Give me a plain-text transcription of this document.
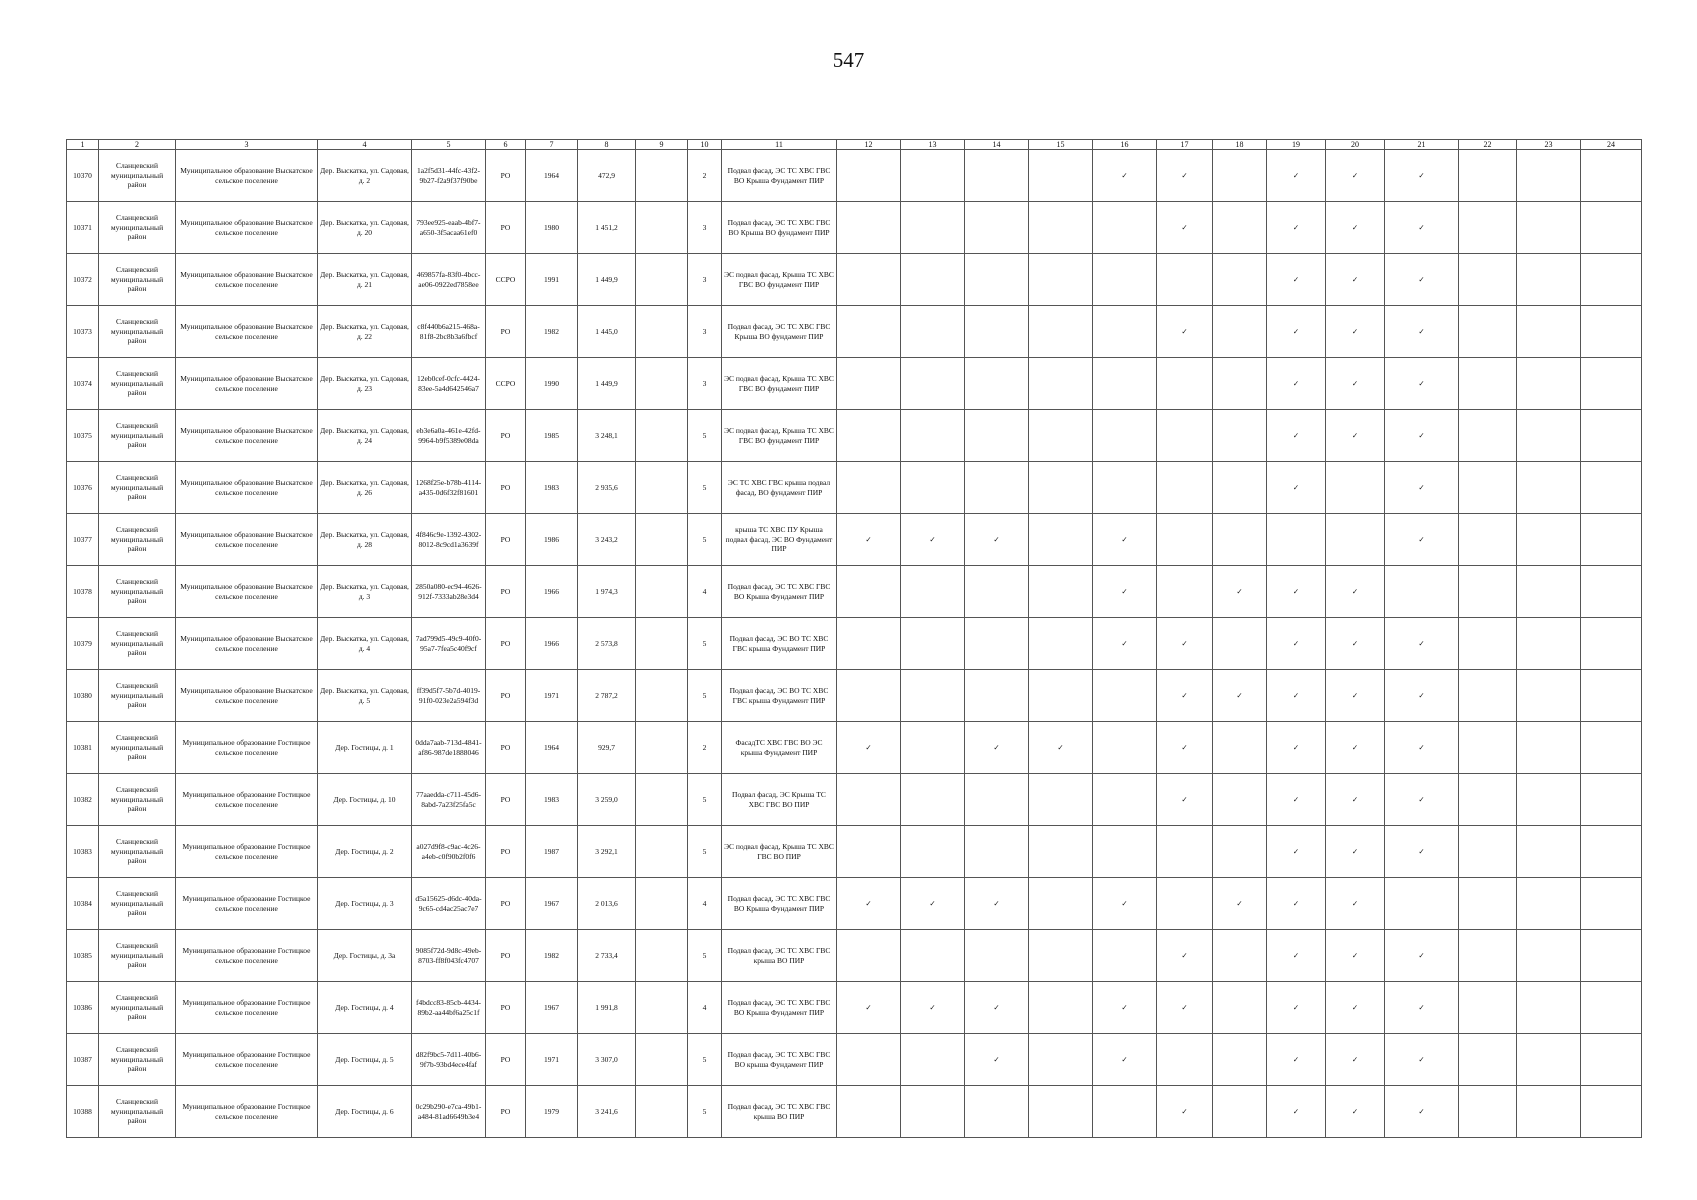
547
1	2	3	4	5	6	7	8	9	10	11	12	13	14	15	16	17	18	19	20	21	22	23	24
10370	Сланцевский муниципальный район	Муниципальное образование Выскатское сельское поселение	Дер. Выскатка, ул. Садовая, д. 2	1a2f5d31-44fc-43f2-9b27-f2a9f37f90be	РО	1964	472,9		2	Подвал фасад, ЭС ТС ХВС ГВС ВО Крыша Фундамент ПИР					✓	✓		✓	✓	✓			
10371	Сланцевский муниципальный район	Муниципальное образование Выскатское сельское поселение	Дер. Выскатка, ул. Садовая, д. 20	793ee925-eaab-4bf7-a650-3f5acaa61ef0	РО	1980	1 451,2		3	Подвал фасад, ЭС ТС ХВС ГВС ВО Крыша ВО фундамент ПИР						✓		✓	✓	✓			
10372	Сланцевский муниципальный район	Муниципальное образование Выскатское сельское поселение	Дер. Выскатка, ул. Садовая, д. 21	469857fa-83f0-4bcc-ae06-0922ed7858ee	ССРО	1991	1 449,9		3	ЭС подвал фасад, Крыша ТС ХВС ГВС ВО фундамент ПИР								✓	✓	✓			
10373	Сланцевский муниципальный район	Муниципальное образование Выскатское сельское поселение	Дер. Выскатка, ул. Садовая, д. 22	c8f440b6a215-468a-81f8-2bc8b3a6fbcf	РО	1982	1 445,0		3	Подвал фасад, ЭС ТС ХВС ГВС Крыша ВО фундамент ПИР						✓		✓	✓	✓			
10374	Сланцевский муниципальный район	Муниципальное образование Выскатское сельское поселение	Дер. Выскатка, ул. Садовая, д. 23	12eb0cef-0cfc-4424-83ee-5a4d642546a7	ССРО	1990	1 449,9		3	ЭС подвал фасад, Крыша ТС ХВС ГВС ВО фундамент ПИР								✓	✓	✓			
10375	Сланцевский муниципальный район	Муниципальное образование Выскатское сельское поселение	Дер. Выскатка, ул. Садовая, д. 24	eb3e6a0a-461e-42fd-9964-b9f5389e08da	РО	1985	3 248,1		5	ЭС подвал фасад, Крыша ТС ХВС ГВС ВО фундамент ПИР								✓	✓	✓			
10376	Сланцевский муниципальный район	Муниципальное образование Выскатское сельское поселение	Дер. Выскатка, ул. Садовая, д. 26	1268f25e-b78b-4114-a435-0d6f32f81601	РО	1983	2 935,6		5	ЭС ТС ХВС ГВС крыша подвал фасад, ВО фундамент ПИР								✓		✓			
10377	Сланцевский муниципальный район	Муниципальное образование Выскатское сельское поселение	Дер. Выскатка, ул. Садовая, д. 28	4f846c9e-1392-4302-8012-8c9cd1a3639f	РО	1986	3 243,2		5	крыша ТС ХВС ПУ Крыша подвал фасад, ЭС ВО Фундамент ПИР	✓	✓	✓		✓					✓			
10378	Сланцевский муниципальный район	Муниципальное образование Выскатское сельское поселение	Дер. Выскатка, ул. Садовая, д. 3	2850a080-ec94-4626-912f-7333ab28e3d4	РО	1966	1 974,3		4	Подвал фасад, ЭС ТС ХВС ГВС ВО Крыша Фундамент ПИР					✓		✓	✓	✓				
10379	Сланцевский муниципальный район	Муниципальное образование Выскатское сельское поселение	Дер. Выскатка, ул. Садовая, д. 4	7ad799d5-49c9-40f0-95a7-7fea5c40f9cf	РО	1966	2 573,8		5	Подвал фасад, ЭС ВО ТС ХВС ГВС крыша Фундамент ПИР					✓	✓		✓	✓	✓			
10380	Сланцевский муниципальный район	Муниципальное образование Выскатское сельское поселение	Дер. Выскатка, ул. Садовая, д. 5	ff39d5f7-5b7d-4019-91f0-023e2a594f3d	РО	1971	2 787,2		5	Подвал фасад, ЭС ВО ТС ХВС ГВС крыша Фундамент ПИР						✓	✓	✓	✓	✓			
10381	Сланцевский муниципальный район	Муниципальное образование Гостицкое сельское поселение	Дер. Гостицы, д. 1	0dda7aab-713d-4841-af86-987de1888046	РО	1964	929,7		2	ФасадТС ХВС ГВС ВО ЭС крыша Фундамент ПИР	✓		✓	✓		✓		✓	✓	✓			
10382	Сланцевский муниципальный район	Муниципальное образование Гостицкое сельское поселение	Дер. Гостицы, д. 10	77aaedda-c711-45d6-8abd-7a23f25fa5c	РО	1983	3 259,0		5	Подвал фасад, ЭС Крыша ТС ХВС ГВС ВО ПИР						✓		✓	✓	✓			
10383	Сланцевский муниципальный район	Муниципальное образование Гостицкое сельское поселение	Дер. Гостицы, д. 2	a027d9f8-c9ac-4c26-a4eb-c0f90b2f0f6	РО	1987	3 292,1		5	ЭС подвал фасад, Крыша ТС ХВС ГВС ВО ПИР								✓	✓	✓			
10384	Сланцевский муниципальный район	Муниципальное образование Гостицкое сельское поселение	Дер. Гостицы, д. 3	d5a15625-d6dc-40da-9c65-cd4ac25ac7e7	РО	1967	2 013,6		4	Подвал фасад, ЭС ТС ХВС ГВС ВО Крыша Фундамент ПИР	✓	✓	✓		✓		✓	✓	✓				
10385	Сланцевский муниципальный район	Муниципальное образование Гостицкое сельское поселение	Дер. Гостицы, д. 3а	9085f72d-9d8c-49eb-8703-ff8f043fc4707	РО	1982	2 733,4		5	Подвал фасад, ЭС ТС ХВС ГВС крыша ВО ПИР						✓		✓	✓	✓			
10386	Сланцевский муниципальный район	Муниципальное образование Гостицкое сельское поселение	Дер. Гостицы, д. 4	f4bdcc83-85cb-4434-89b2-aa44bf6a25c1f	РО	1967	1 991,8		4	Подвал фасад, ЭС ТС ХВС ГВС ВО Крыша Фундамент ПИР	✓	✓	✓		✓	✓		✓	✓	✓			
10387	Сланцевский муниципальный район	Муниципальное образование Гостицкое сельское поселение	Дер. Гостицы, д. 5	d82f9bc5-7d11-40b6-9f7b-93bd4ece4faf	РО	1971	3 307,0		5	Подвал фасад, ЭС ТС ХВС ГВС ВО крыша Фундамент ПИР			✓		✓			✓	✓	✓			
10388	Сланцевский муниципальный район	Муниципальное образование Гостицкое сельское поселение	Дер. Гостицы, д. 6	0c29b290-e7ca-49b1-a484-81ad6649b3e4	РО	1979	3 241,6		5	Подвал фасад, ЭС ТС ХВС ГВС крыша ВО ПИР						✓		✓	✓	✓			
